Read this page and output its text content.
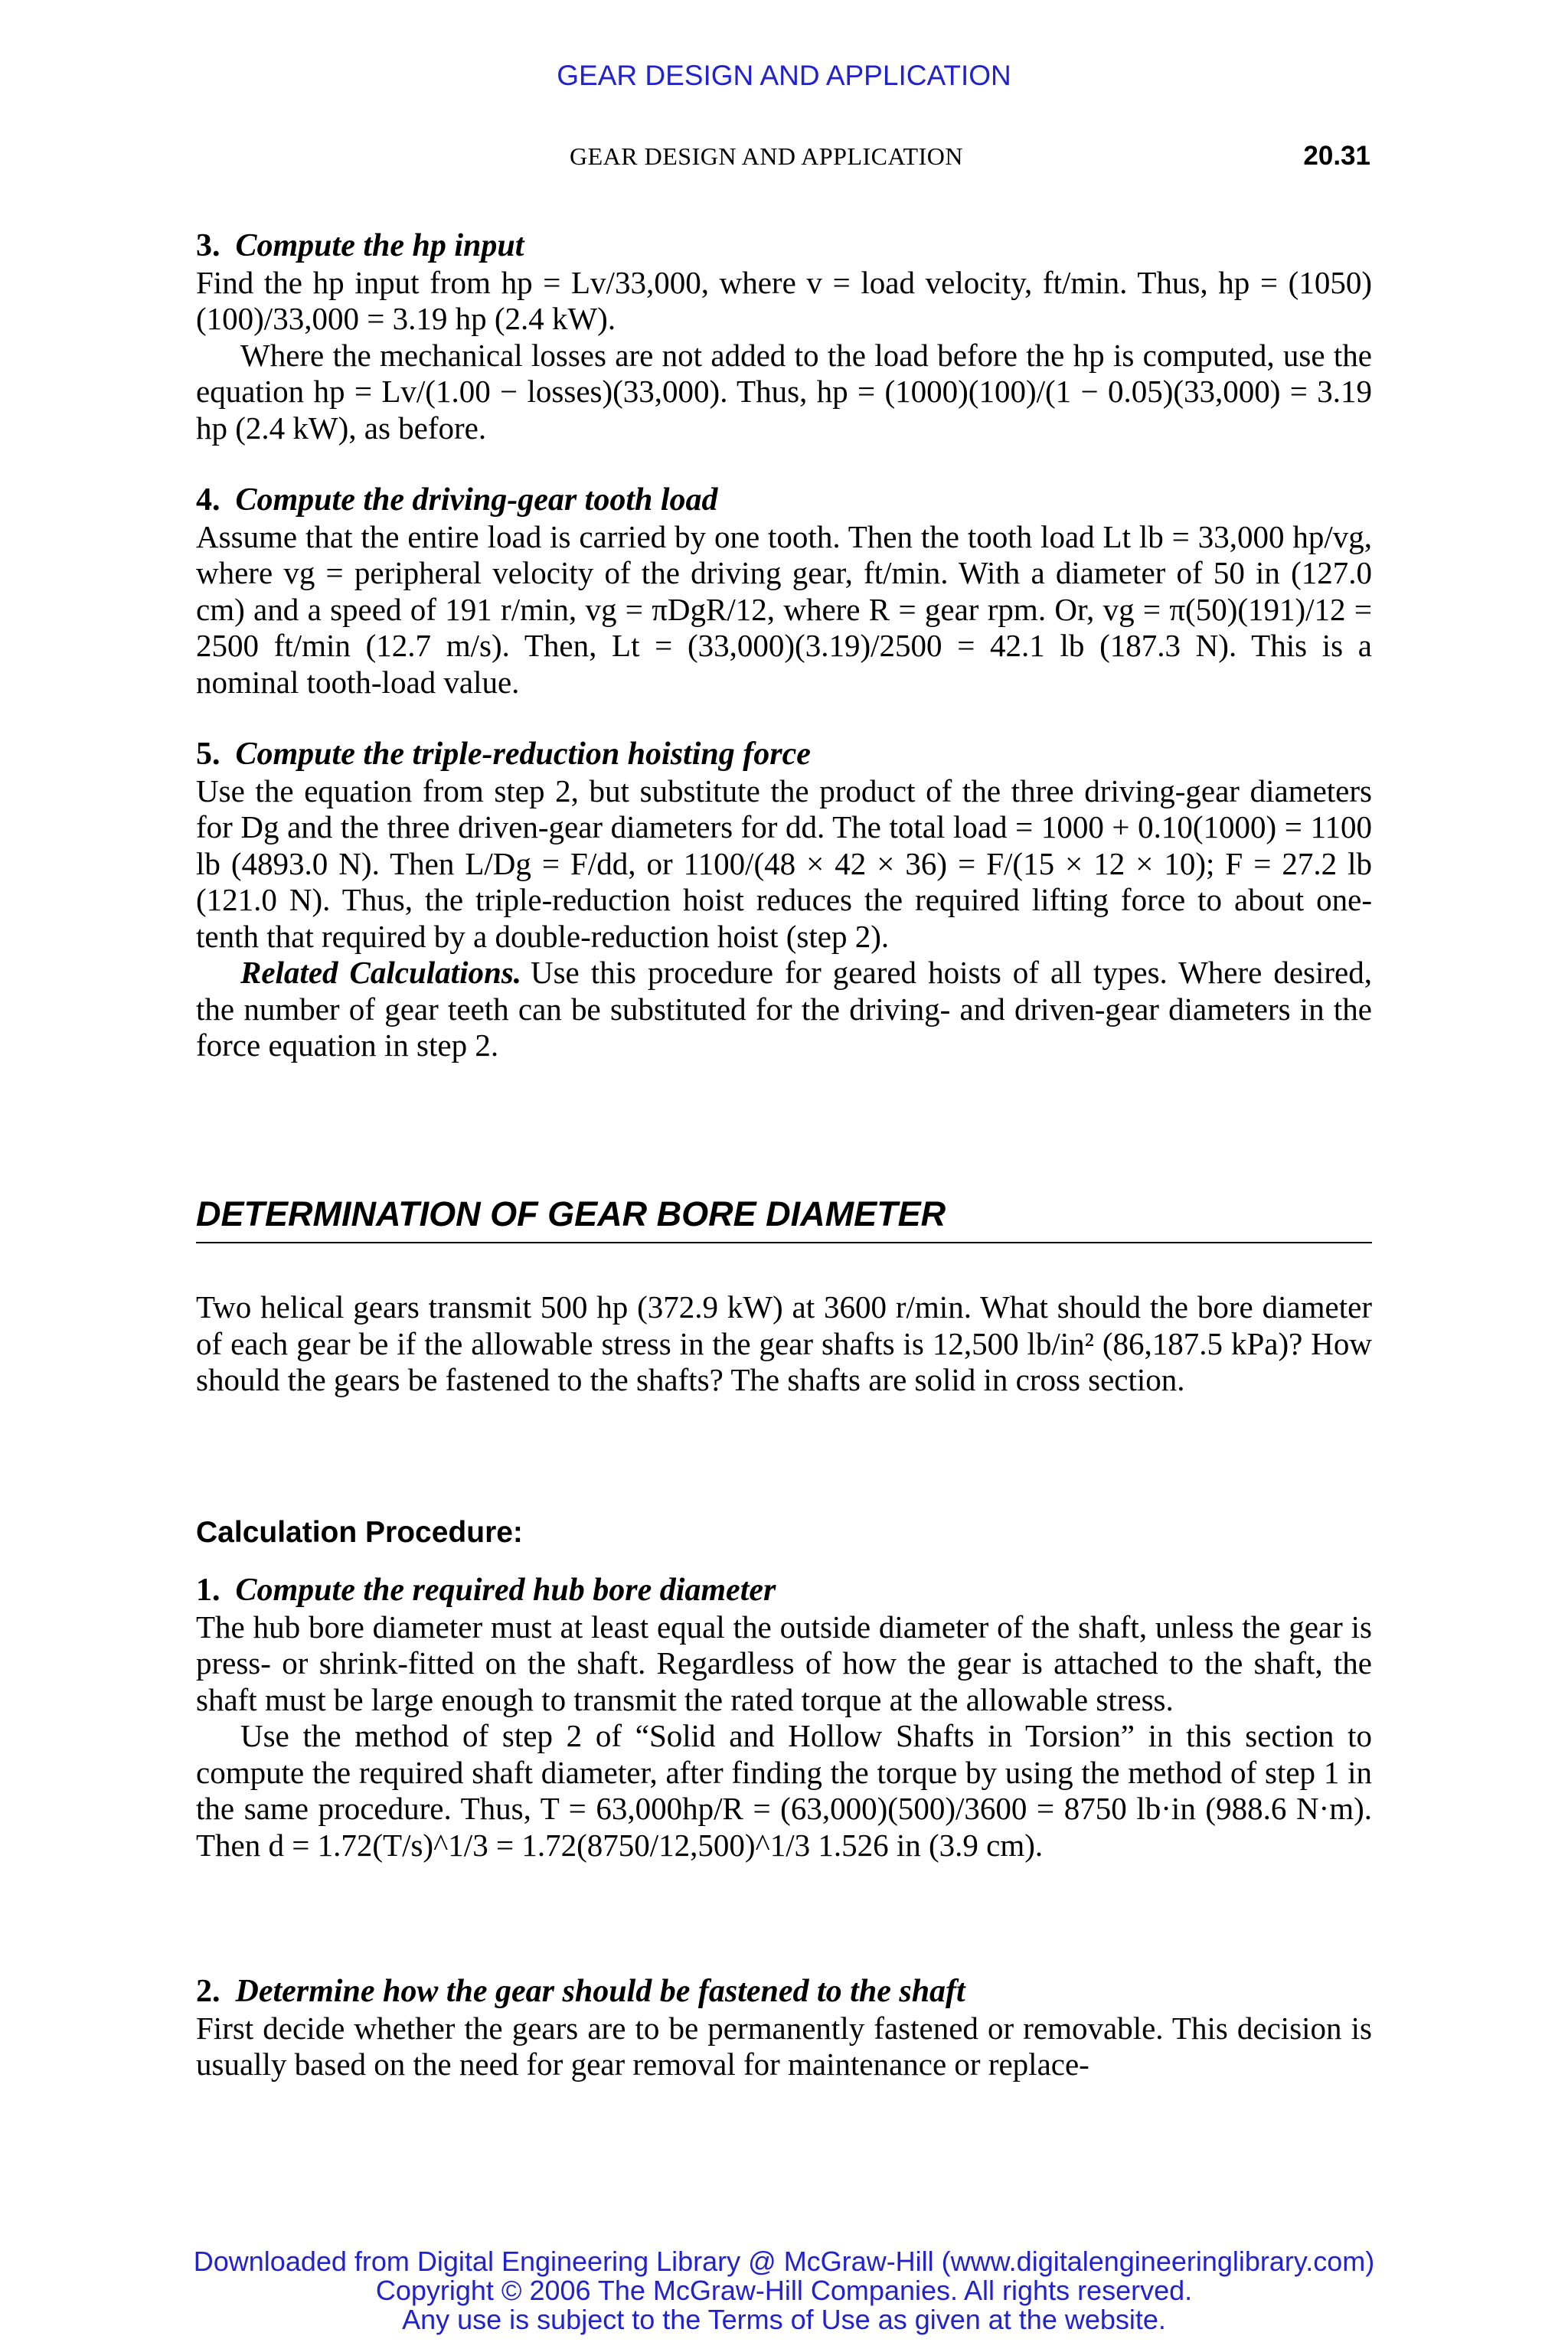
GEAR DESIGN AND APPLICATION
GEAR DESIGN AND APPLICATION	20.31
3. Compute the hp input

Find the hp input from hp = Lv/33,000, where v = load velocity, ft/min. Thus, hp = (1050)(100)/33,000 = 3.19 hp (2.4 kW).

Where the mechanical losses are not added to the load before the hp is computed, use the equation hp = Lv/(1.00 − losses)(33,000). Thus, hp = (1000)(100)/(1 − 0.05)(33,000) = 3.19 hp (2.4 kW), as before.

4. Compute the driving-gear tooth load

Assume that the entire load is carried by one tooth. Then the tooth load Lt lb = 33,000 hp/vg, where vg = peripheral velocity of the driving gear, ft/min. With a diameter of 50 in (127.0 cm) and a speed of 191 r/min, vg = πDgR/12, where R = gear rpm. Or, vg = π(50)(191)/12 = 2500 ft/min (12.7 m/s). Then, Lt = (33,000)(3.19)/2500 = 42.1 lb (187.3 N). This is a nominal tooth-load value.

5. Compute the triple-reduction hoisting force

Use the equation from step 2, but substitute the product of the three driving-gear diameters for Dg and the three driven-gear diameters for dd. The total load = 1000 + 0.10(1000) = 1100 lb (4893.0 N). Then L/Dg = F/dd, or 1100/(48 × 42 × 36) = F/(15 × 12 × 10); F = 27.2 lb (121.0 N). Thus, the triple-reduction hoist reduces the required lifting force to about one-tenth that required by a double-reduction hoist (step 2).

Related Calculations. Use this procedure for geared hoists of all types. Where desired, the number of gear teeth can be substituted for the driving- and driven-gear diameters in the force equation in step 2.

DETERMINATION OF GEAR BORE DIAMETER

Two helical gears transmit 500 hp (372.9 kW) at 3600 r/min. What should the bore diameter of each gear be if the allowable stress in the gear shafts is 12,500 lb/in² (86,187.5 kPa)? How should the gears be fastened to the shafts? The shafts are solid in cross section.

Calculation Procedure:
1. Compute the required hub bore diameter

The hub bore diameter must at least equal the outside diameter of the shaft, unless the gear is press- or shrink-fitted on the shaft. Regardless of how the gear is attached to the shaft, the shaft must be large enough to transmit the rated torque at the allowable stress.

Use the method of step 2 of “Solid and Hollow Shafts in Torsion” in this section to compute the required shaft diameter, after finding the torque by using the method of step 1 in the same procedure. Thus, T = 63,000hp/R = (63,000)(500)/3600 = 8750 lb·in (988.6 N·m). Then d = 1.72(T/s)^1/3 = 1.72(8750/12,500)^1/3 1.526 in (3.9 cm).

2. Determine how the gear should be fastened to the shaft

First decide whether the gears are to be permanently fastened or removable. This decision is usually based on the need for gear removal for maintenance or replace-

Downloaded from Digital Engineering Library @ McGraw-Hill (www.digitalengineeringlibrary.com)
Copyright © 2006 The McGraw-Hill Companies. All rights reserved.
Any use is subject to the Terms of Use as given at the website.
